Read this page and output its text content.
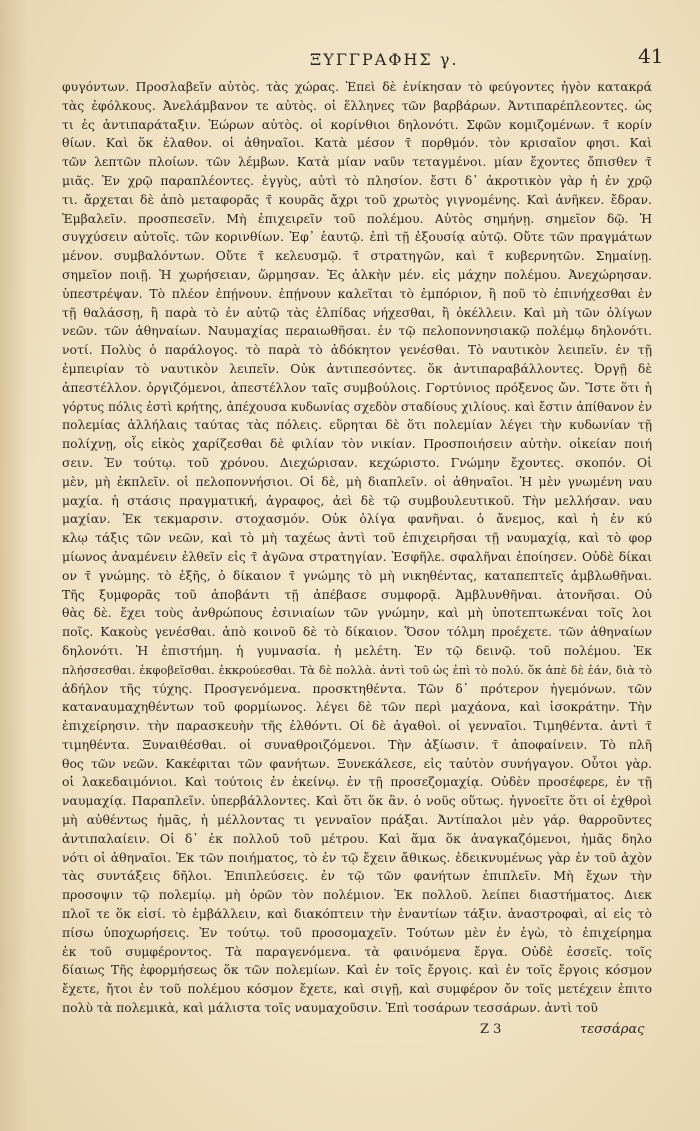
ΞΥΓΓΡΑΦΗΣ γ.	41
φυγόντων. Προσλαβεῖν αὐτὸς. τὰς χώρας. Ἐπεὶ δὲ ἐνίκησαν τὸ φεύγοντες ἡγὸν κατακρά
τὰς ἐφόλκους. Ἀνελάμβανον τε αὐτὸς. οἱ ἕλληνες τῶν βαρβάρων. Ἀντιπαρέπλεοντες. ὡς
τι ἐς ἀντιπαράταξιν. Ἐώρων αὐτὸς. οἱ κορίνθιοι δηλονότι. Σφῶν κομιζομένων. τ̄ κορίν
θίων. Καὶ ὅκ ἐλαθον. οἱ ἀθηναῖοι. Κατὰ μέσον τ̄ πορθμόν. τὸν κρισαῖον φησι. Καὶ
τῶν λεπτῶν πλοίων. τῶν λέμβων. Κατὰ μίαν ναῦν τεταγμένοι. μίαν ἔχοντες ὄπισθεν τ̄
μιᾶς. Ἐν χρῷ παραπλέοντες. ἐγγὺς, αὐτὶ τὸ πλησίον. ἔστι δ᾽ ἀκροτικὸν γὰρ ἡ ἐν χρῷ
τι. ἄρχεται δὲ ἀπὸ μεταφορᾶς τ̄ κουρᾶς ἄχρι τοῦ χρωτὸς γιγνομένης. Καὶ ἀνῆκεν. ἔδραν.
Ἐμβαλεῖν. προσπεσεῖν. Μὴ ἐπιχειρεῖν τοῦ πολέμου. Αὐτὸς σημήνῃ. σημεῖον δῷ. Ἡ
συγχύσειν αὐτοῖς. τῶν κορινθίων. Ἐφ᾽ ἑαυτῷ. ἐπὶ τῇ ἐξουσίᾳ αὐτῷ. Οὔτε τῶν πραγμάτων
μένον. συμβαλόντων. Οὔτε τ̄ κελευσμῷ. τ̄ στρατηγῶν, καὶ τ̄ κυβερνητῶν. Σημαίνῃ.
σημεῖον ποιῇ. Ἡ χωρήσειαν, ὥρμησαν. Ἐς ἀλκὴν μέν. εἰς μάχην πολέμου. Ἀνεχώρησαν.
ὑπεστρέψαν. Τὸ πλέον ἐπῄνουν. ἐπῄνουν καλεῖται τὸ ἐμπόριον, ἢ ποῦ τὸ ἐπινήχεσθαι ἐν
τῇ θαλάσσῃ, ἢ παρὰ τὸ ἐν αὐτῷ τὰς ἐλπίδας νήχεσθαι, ἢ ὀκέλλειν. Καὶ μὴ τῶν ὀλίγων
νεῶν. τῶν ἀθηναίων. Ναυμαχίας περαιωθῆσαι. ἐν τῷ πελοποννησιακῷ πολέμῳ δηλονότι.
νοτί. Πολὺς ὁ παράλογος. τὸ παρὰ τὸ ἀδόκητον γενέσθαι. Τὸ ναυτικὸν λειπεῖν. ἐν τῇ
ἐμπειρίαν τὸ ναυτικὸν λειπεῖν. Οὐκ ἀντιπεσόντες. ὅκ ἀντιπαραβάλλοντες. Ὀργῇ δὲ
ἀπεστέλλον. ὀργιζόμενοι, ἀπεστέλλον ταῖς συμβούλοις. Γορτύνιος πρόξενος ὤν. Ἴστε ὅτι ἡ
γόρτυς πόλις ἐστὶ κρήτης, ἀπέχουσα κυδωνίας σχεδὸν σταδίους χιλίους. καὶ ἔστιν ἀπίθανον ἐν
πολεμίας ἀλλήλαις ταύτας τὰς πόλεις. εὕρηται δὲ ὅτι πολεμίαν λέγει τὴν κυδωνίαν τῇ
πολίχνῃ, οἷς εἰκὸς χαρίζεσθαι δὲ φιλίαν τὸν νικίαν. Προσποιήσειν αὐτὴν. οἰκείαν ποιή
σειν. Ἐν τούτῳ. τοῦ χρόνου. Διεχώρισαν. κεχώριστο. Γνώμην ἔχοντες. σκοπόν. Οἱ
μὲν, μὴ ἐκπλεῖν. οἱ πελοποννήσιοι. Οἱ δὲ, μὴ διαπλεῖν. οἱ ἀθηναῖοι. Ἡ μὲν γνωμένη ναυ
μαχία. ἡ στάσις πραγματική, ἀγραφος, ἀεὶ δὲ τῷ συμβουλευτικοῦ. Τὴν μελλήσαν. ναυ
μαχίαν. Ἐκ τεκμαρσιν. στοχασμόν. Οὐκ ὀλίγα φανῆναι. ὁ ἄνεμος, καὶ ἡ ἐν κύ
κλῳ τάξις τῶν νεῶν, καὶ τὸ μὴ ταχέως ἀντὶ τοῦ ἐπιχειρῆσαι τῇ ναυμαχίᾳ, καὶ τὸ φορ
μίωνος ἀναμένειν ἐλθεῖν εἰς τ̄ ἀγῶνα στρατηγίαν. Ἐσφῆλε. σφαλῆναι ἐποίησεν. Οὐδὲ δίκαι
ον τ̄ γνώμης. τὸ ἐξῆς, ὁ δίκαιον τ̄ γνώμης τὸ μὴ νικηθέντας, καταπεπτεῖς ἀμβλωθῆναι.
Τῆς ξυμφορᾶς τοῦ ἀποβάντι τῇ ἀπέβασε συμφορᾷ. Ἀμβλυνθῆναι. ἀτονῆσαι. Οὐ
θὰς δὲ. ἔχει τοὺς ἀνθρώπους ἐσινιαίων τῶν γνώμην, καὶ μὴ ὑποτεπτωκέναι τοῖς λοι
ποῖς. Κακοὺς γενέσθαι. ἀπὸ κοινοῦ δὲ τὸ δίκαιον. Ὅσον τόλμη προέχετε. τῶν ἀθηναίων
δηλονότι. Ἡ ἐπιστήμη. ἡ γυμνασία. ἡ μελέτη. Ἐν τῷ δεινῷ. τοῦ πολέμου. Ἐκ
πλήσσεσθαι. ἐκφοβεῖσθαι. ἐκκρούεσθαι. Τὰ δὲ πολλὰ. ἀντὶ τοῦ ὡς ἐπὶ τὸ πολύ. ὅκ ἀπὲ δὲ ἐάν, διὰ τὸ
ἀδήλον τῆς τύχης. Προσγενόμενα. προσκτηθέντα. Τῶν δ᾽ πρότερον ἡγεμόνων. τῶν
καταναυμαχηθέντων τοῦ φορμίωνος. λέγει δὲ τῶν περὶ μαχάονα, καὶ ἰσοκράτην. Τὴν
ἐπιχείρησιν. τὴν παρασκευὴν τῆς ἐλθόντι. Οἱ δὲ ἀγαθοὶ. οἱ γενναῖοι. Τιμηθέντα. ἀντὶ τ̄
τιμηθέντα. Ξυναιθέσθαι. οἱ συναθροιζόμενοι. Τὴν ἀξίωσιν. τ̄ ἀποφαίνειν. Τὸ πλῆ
θος τῶν νεῶν. Κακέφιται τῶν φανήτων. Ξυνεκάλεσε, εἰς ταὐτὸν συνήγαγον. Οὗτοι γὰρ.
οἱ λακεδαιμόνιοι. Καὶ τούτοις ἐν ἐκείνῳ. ἐν τῇ προσεζομαχίᾳ. Οὐδὲν προσέφερε, ἐν τῇ
ναυμαχίᾳ. Παραπλεῖν. ὑπερβάλλοντες. Καὶ ὅτι ὅκ ἂν. ὁ νοῦς οὕτως. ἠγνοεῖτε ὅτι οἱ ἐχθροὶ
μὴ αὐθέντως ἡμᾶς, ἡ μέλλοντας τι γενναῖον πράξαι. Ἀντίπαλοι μὲν γάρ. θαρροῦντες
ἀντιπαλαίειν. Οἱ δ᾽ ἐκ πολλοῦ τοῦ μέτρου. Καὶ ἅμα ὅκ ἀναγκαζόμενοι, ἡμᾶς δηλο
νότι οἱ ἀθηναῖοι. Ἐκ τῶν ποιήματος, τὸ ἐν τῷ ἔχειν ἄθικως. ἐδεικνυμένως γὰρ ἐν τοῦ ἀχὸν
τὰς συντάξεις δῆλοι. Ἐπιπλεύσεις. ἐν τῷ τῶν φανήτων ἐπιπλεῖν. Μὴ ἔχων τὴν
προσοψιν τῷ πολεμίῳ. μὴ ὁρῶν τὸν πολέμιον. Ἐκ πολλοῦ. λείπει διαστήματος. Διεκ
πλοῖ τε ὅκ εἰσί. τὸ ἐμβάλλειν, καὶ διακόπτειν τὴν ἐναντίων τάξιν. ἀναστροφαὶ, αἱ εἰς τὸ
πίσω ὑποχωρήσεις. Ἐν τούτῳ. τοῦ προσομαχεῖν. Τούτων μὲν ἐν ἐγὼ, τὸ ἐπιχείρημα
ἐκ τοῦ συμφέροντος. Τὰ παραγενόμενα. τὰ φαινόμενα ἔργα. Οὐδὲ ἐσσεῖς. τοῖς
δίαιως Τῆς ἐφορμήσεως ὅκ τῶν πολεμίων. Καὶ ἐν τοῖς ἔργοις. καὶ ἐν τοῖς ἔργοις κόσμον
ἔχετε, ἤτοι ἐν τοῦ πολέμου κόσμον ἔχετε, καὶ σιγῇ, καὶ συμφέρον ὄν τοῖς μετέχειν ἐπιτο
πολὺ τὰ πολεμικὰ, καὶ μάλιστα τοῖς ναυμαχοῦσιν. Ἐπὶ τοσάρων τεσσάρων. ἀντὶ τοῦ
Z 3	τεσσάρας
